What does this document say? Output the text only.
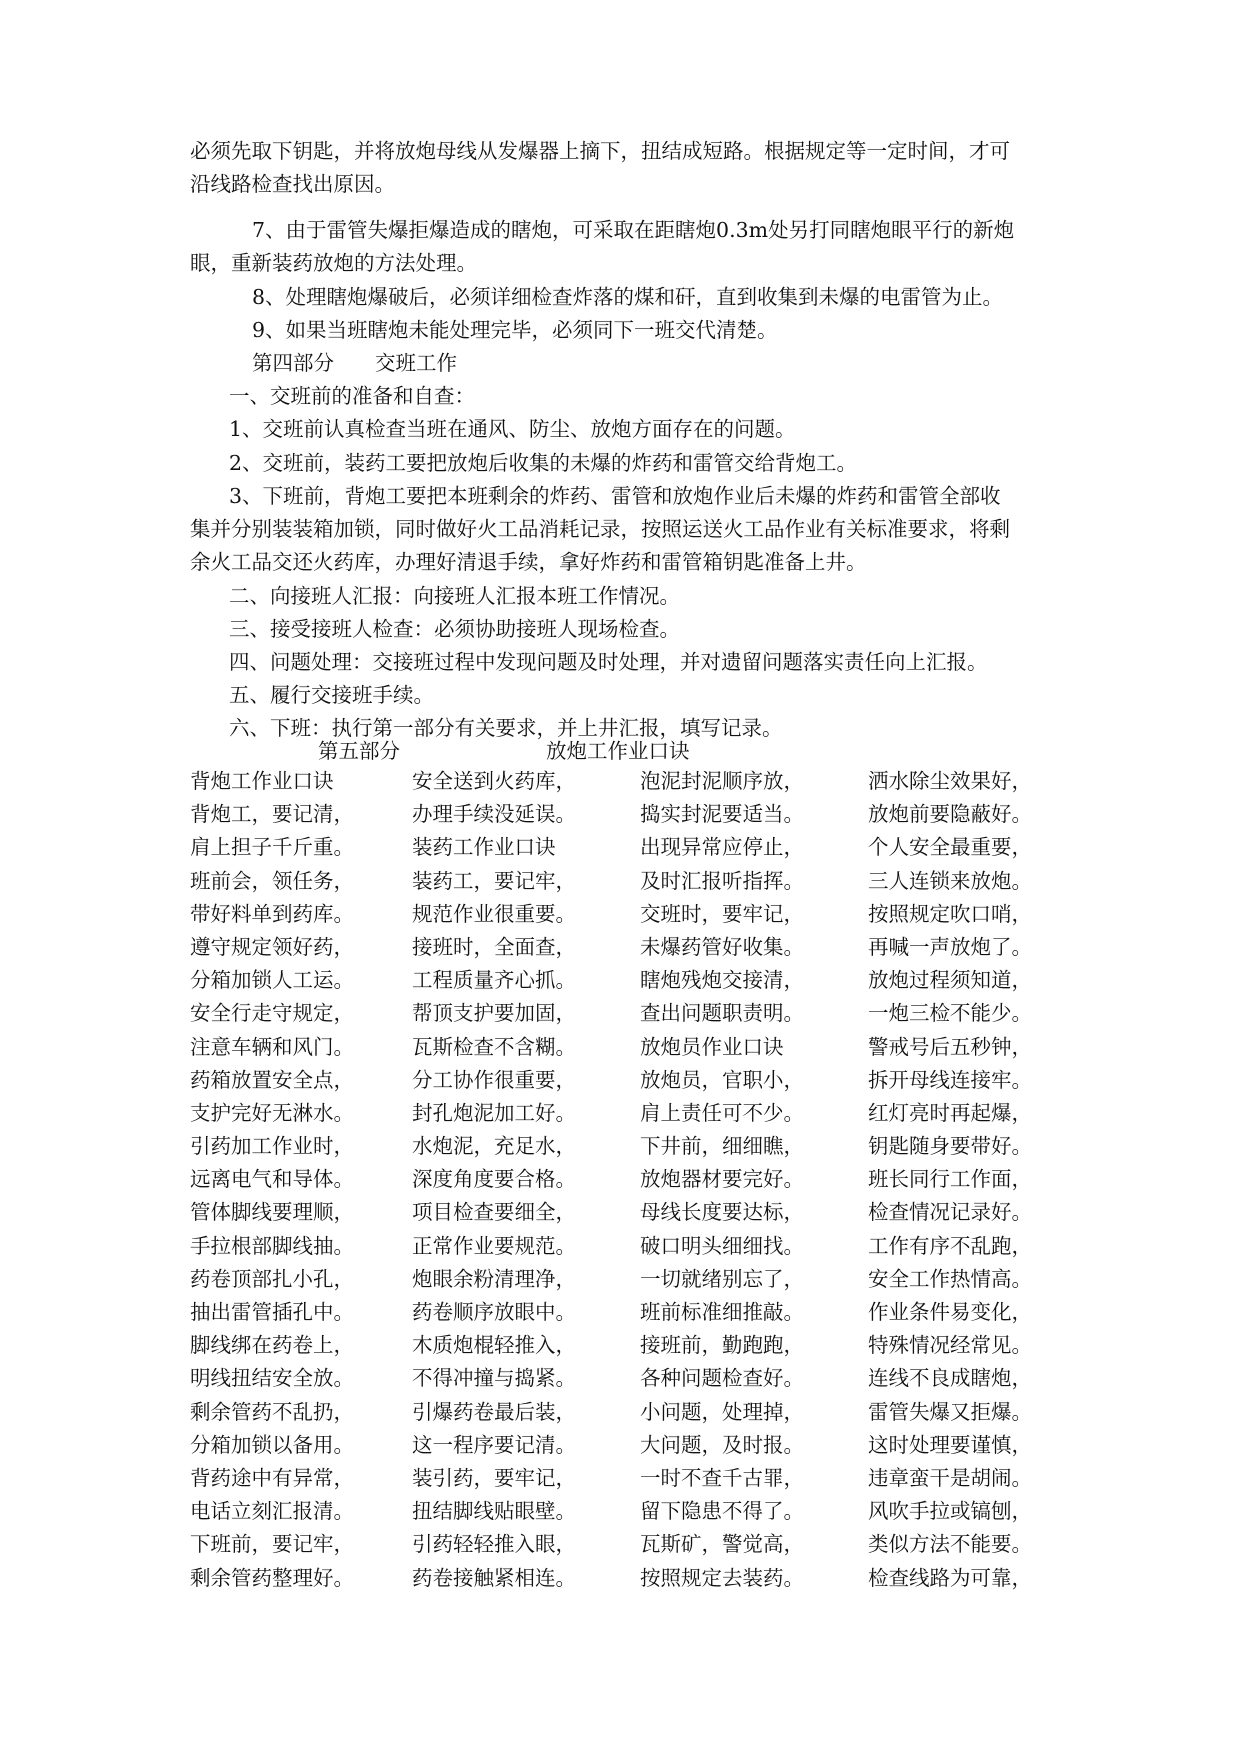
必须先取下钥匙，并将放炮母线从发爆器上摘下，扭结成短路。根据规定等一定时间，才可
沿线路检查找出原因。
7、由于雷管失爆拒爆造成的瞎炮，可采取在距瞎炮0.3m处另打同瞎炮眼平行的新炮
眼，重新装药放炮的方法处理。
8、处理瞎炮爆破后，必须详细检查炸落的煤和矸，直到收集到未爆的电雷管为止。
9、如果当班瞎炮未能处理完毕，必须同下一班交代清楚。
第四部分　　交班工作
一、交班前的准备和自查：
1、交班前认真检查当班在通风、防尘、放炮方面存在的问题。
2、交班前，装药工要把放炮后收集的未爆的炸药和雷管交给背炮工。
3、下班前，背炮工要把本班剩余的炸药、雷管和放炮作业后未爆的炸药和雷管全部收
集并分别装装箱加锁，同时做好火工品消耗记录，按照运送火工品作业有关标准要求，将剩
余火工品交还火药库，办理好清退手续，拿好炸药和雷管箱钥匙准备上井。
二、向接班人汇报：向接班人汇报本班工作情况。
三、接受接班人检查：必须协助接班人现场检查。
四、问题处理：交接班过程中发现问题及时处理，并对遗留问题落实责任向上汇报。
五、履行交接班手续。
六、下班：执行第一部分有关要求，并上井汇报，填写记录。
第五部分	放炮工作业口诀
背炮工作业口诀	安全送到火药库，	泡泥封泥顺序放，	洒水除尘效果好，
背炮工，要记清，	办理手续没延误。	捣实封泥要适当。	放炮前要隐蔽好。
肩上担子千斤重。	装药工作业口诀	出现异常应停止，	个人安全最重要，
班前会，领任务，	装药工，要记牢，	及时汇报听指挥。	三人连锁来放炮。
带好料单到药库。	规范作业很重要。	交班时，要牢记，	按照规定吹口哨，
遵守规定领好药，	接班时，全面查，	未爆药管好收集。	再喊一声放炮了。
分箱加锁人工运。	工程质量齐心抓。	瞎炮残炮交接清，	放炮过程须知道，
安全行走守规定，	帮顶支护要加固，	查出问题职责明。	一炮三检不能少。
注意车辆和风门。	瓦斯检查不含糊。	放炮员作业口诀	警戒号后五秒钟，
药箱放置安全点，	分工协作很重要，	放炮员，官职小，	拆开母线连接牢。
支护完好无淋水。	封孔炮泥加工好。	肩上责任可不少。	红灯亮时再起爆，
引药加工作业时，	水炮泥，充足水，	下井前，细细瞧，	钥匙随身要带好。
远离电气和导体。	深度角度要合格。	放炮器材要完好。	班长同行工作面，
管体脚线要理顺，	项目检查要细全，	母线长度要达标，	检查情况记录好。
手拉根部脚线抽。	正常作业要规范。	破口明头细细找。	工作有序不乱跑，
药卷顶部扎小孔，	炮眼余粉清理净，	一切就绪别忘了，	安全工作热情高。
抽出雷管插孔中。	药卷顺序放眼中。	班前标准细推敲。	作业条件易变化，
脚线绑在药卷上，	木质炮棍轻推入，	接班前，勤跑跑，	特殊情况经常见。
明线扭结安全放。	不得冲撞与捣紧。	各种问题检查好。	连线不良成瞎炮，
剩余管药不乱扔，	引爆药卷最后装，	小问题，处理掉，	雷管失爆又拒爆。
分箱加锁以备用。	这一程序要记清。	大问题，及时报。	这时处理要谨慎，
背药途中有异常，	装引药，要牢记，	一时不查千古罪，	违章蛮干是胡闹。
电话立刻汇报清。	扭结脚线贴眼壁。	留下隐患不得了。	风吹手拉或镐刨，
下班前，要记牢，	引药轻轻推入眼，	瓦斯矿，警觉高，	类似方法不能要。
剩余管药整理好。	药卷接触紧相连。	按照规定去装药。	检查线路为可靠，
